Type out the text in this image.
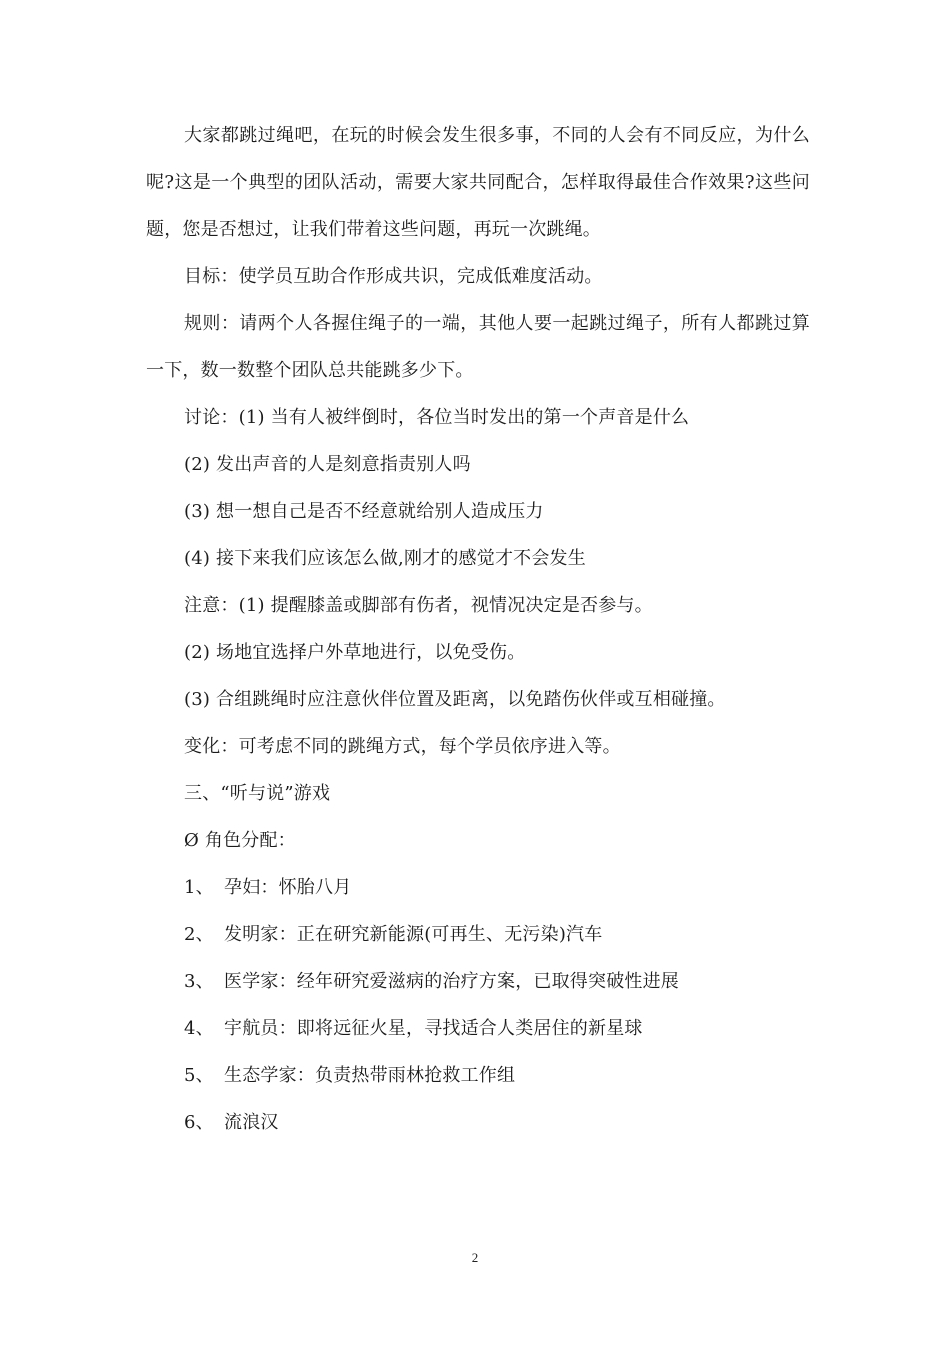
大家都跳过绳吧，在玩的时候会发生很多事，不同的人会有不同反应，为什么呢?这是一个典型的团队活动，需要大家共同配合，怎样取得最佳合作效果?这些问题，您是否想过，让我们带着这些问题，再玩一次跳绳。

目标：使学员互助合作形成共识，完成低难度活动。

规则：请两个人各握住绳子的一端，其他人要一起跳过绳子，所有人都跳过算一下，数一数整个团队总共能跳多少下。

讨论：(1) 当有人被绊倒时，各位当时发出的第一个声音是什么

(2) 发出声音的人是刻意指责别人吗

(3) 想一想自己是否不经意就给别人造成压力

(4) 接下来我们应该怎么做,刚才的感觉才不会发生

注意：(1) 提醒膝盖或脚部有伤者，视情况决定是否参与。

(2) 场地宜选择户外草地进行，以免受伤。

(3) 合组跳绳时应注意伙伴位置及距离，以免踏伤伙伴或互相碰撞。

变化：可考虑不同的跳绳方式，每个学员依序进入等。

三、“听与说”游戏

Ø 角色分配：

1、 孕妇：怀胎八月

2、 发明家：正在研究新能源(可再生、无污染)汽车

3、 医学家：经年研究爱滋病的治疗方案，已取得突破性进展

4、 宇航员：即将远征火星，寻找适合人类居住的新星球

5、 生态学家：负责热带雨林抢救工作组

6、 流浪汉

2
